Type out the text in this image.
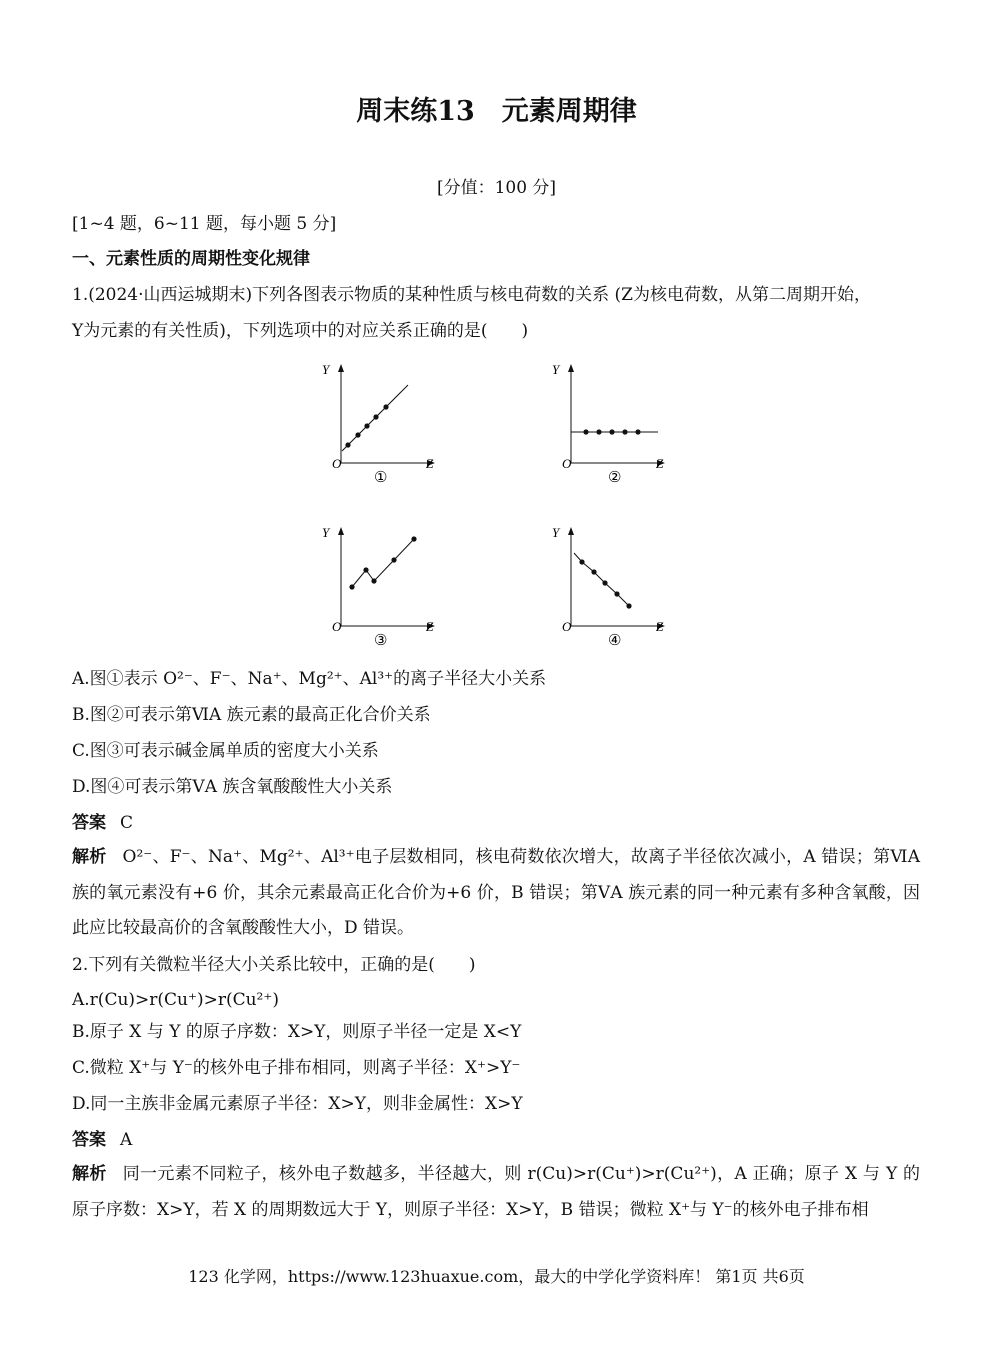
周末练13　元素周期律
[分值：100 分]
[1~4 题，6~11 题，每小题 5 分]
一、元素性质的周期性变化规律
1.(2024·山西运城期末)下列各图表示物质的某种性质与核电荷数的关系 (Z为核电荷数，从第二周期开始，
Y为元素的有关性质)，下列选项中的对应关系正确的是(　　)
Y
O	Z
①
Y
O	Z
②
Y
O	Z
③
Y
O	Z
④
A.图①表示 O²⁻、F⁻、Na⁺、Mg²⁺、Al³⁺的离子半径大小关系
B.图②可表示第ⅥA 族元素的最高正化合价关系
C.图③可表示碱金属单质的密度大小关系
D.图④可表示第ⅤA 族含氧酸酸性大小关系
答案 C
解析 O²⁻、F⁻、Na⁺、Mg²⁺、Al³⁺电子层数相同，核电荷数依次增大，故离子半径依次减小，A 错误；第ⅥA 族的氧元素没有+6 价，其余元素最高正化合价为+6 价，B 错误；第ⅤA 族元素的同一种元素有多种含氧酸，因此应比较最高价的含氧酸酸性大小，D 错误。
2.下列有关微粒半径大小关系比较中，正确的是(　　)
A.r(Cu)>r(Cu⁺)>r(Cu²⁺)
B.原子 X 与 Y 的原子序数：X>Y，则原子半径一定是 X<Y
C.微粒 X⁺与 Y⁻的核外电子排布相同，则离子半径：X⁺>Y⁻
D.同一主族非金属元素原子半径：X>Y，则非金属性：X>Y
答案 A
解析 同一元素不同粒子，核外电子数越多，半径越大，则 r(Cu)>r(Cu⁺)>r(Cu²⁺)，A 正确；原子 X 与 Y 的原子序数：X>Y，若 X 的周期数远大于 Y，则原子半径：X>Y，B 错误；微粒 X⁺与 Y⁻的核外电子排布相
123 化学网，https://www.123huaxue.com，最大的中学化学资料库！ 第1页 共6页
